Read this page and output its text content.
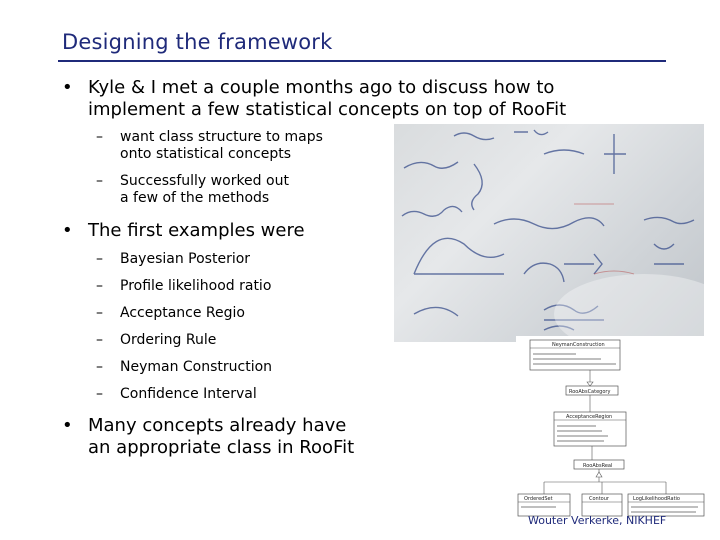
Designing the framework
NeymanConstruction
RooAbsCategory
AcceptanceRegion
RooAbsReal
OrderedSet	Contour	LogLikelihoodRatio
• Kyle & I met a couple months ago to discuss how to
implement a few statistical concepts on top of RooFit
– want class structure to maps
onto statistical concepts
– Successfully worked out
a few of the methods
• The first examples were
– Bayesian Posterior
– Profile likelihood ratio
– Acceptance Regio
– Ordering Rule
– Neyman Construction
– Confidence Interval
• Many concepts already have
an appropriate class in RooFit
Wouter Verkerke, NIKHEF
